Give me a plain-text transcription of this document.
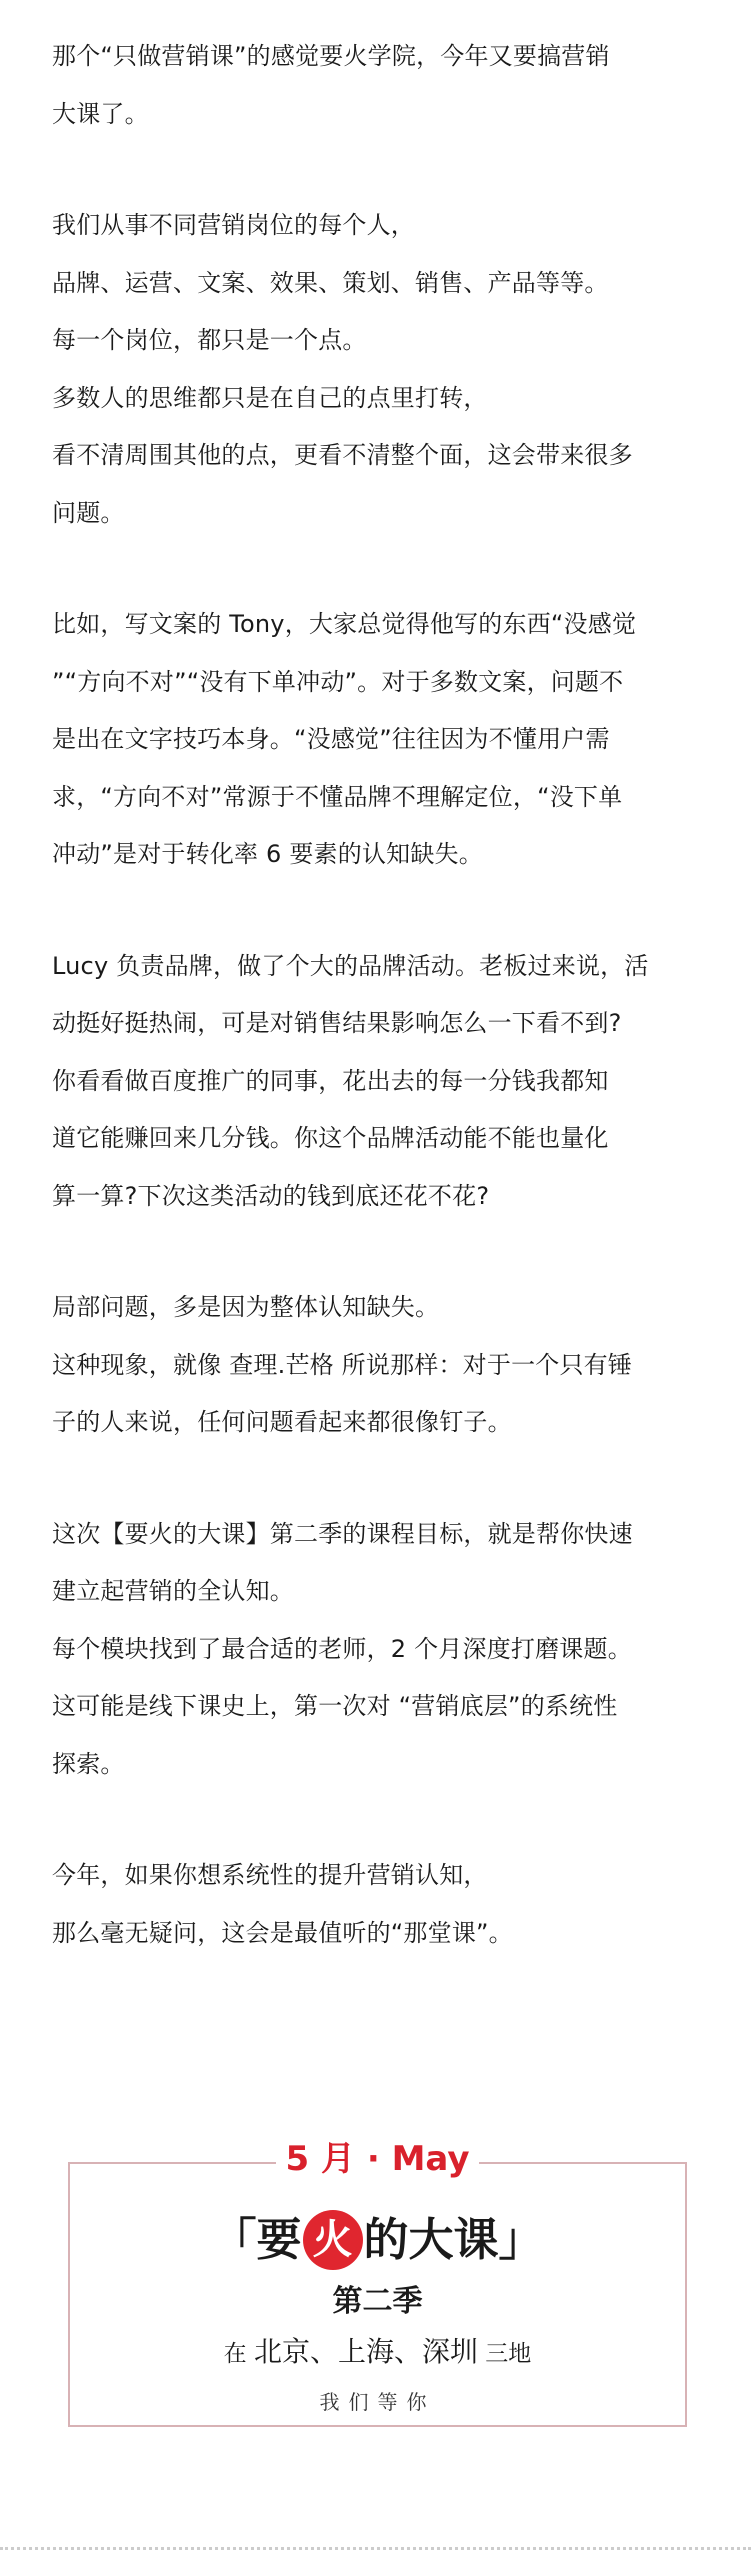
那个“只做营销课”的感觉要火学院，今年又要搞营销
大课了。
我们从事不同营销岗位的每个人，
品牌、运营、文案、效果、策划、销售、产品等等。
每一个岗位，都只是一个点。
多数人的思维都只是在自己的点里打转，
看不清周围其他的点，更看不清整个面，这会带来很多
问题。
比如，写文案的 Tony，大家总觉得他写的东西“没感觉
”“方向不对”“没有下单冲动”。对于多数文案，问题不
是出在文字技巧本身。“没感觉”往往因为不懂用户需
求，“方向不对”常源于不懂品牌不理解定位，“没下单
冲动”是对于转化率 6 要素的认知缺失。
Lucy 负责品牌，做了个大的品牌活动。老板过来说，活
动挺好挺热闹，可是对销售结果影响怎么一下看不到?
你看看做百度推广的同事，花出去的每一分钱我都知
道它能赚回来几分钱。你这个品牌活动能不能也量化
算一算?下次这类活动的钱到底还花不花?
局部问题，多是因为整体认知缺失。
这种现象，就像 查理.芒格 所说那样：对于一个只有锤
子的人来说，任何问题看起来都很像钉子。
这次【要火的大课】第二季的课程目标，就是帮你快速
建立起营销的全认知。
每个模块找到了最合适的老师，2 个月深度打磨课题。
这可能是线下课史上，第一次对 “营销底层”的系统性
探索。
今年，如果你想系统性的提升营销认知，
那么毫无疑问，这会是最值听的“那堂课”。
5 月 · May
「要 火 的大课」
第二季
在 北京、上海、深圳 三地
我们等你
